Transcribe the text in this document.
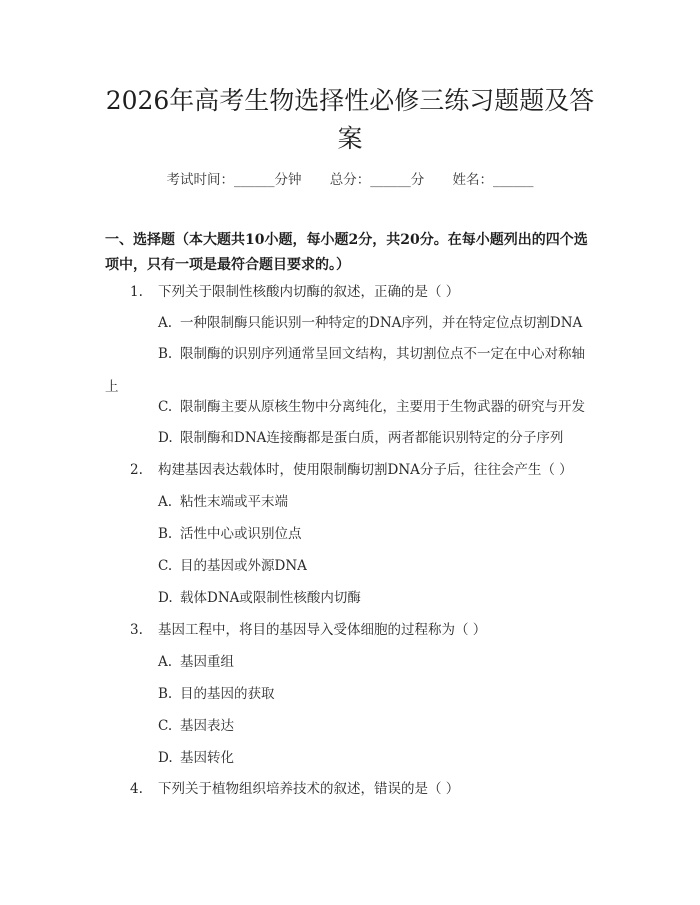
2026年高考生物选择性必修三练习题题及答案
考试时间：______分钟 总分：______分 姓名：______
一、选择题（本大题共10小题，每小题2分，共20分。在每小题列出的四个选项中，只有一项是最符合题目要求的。）
1. 下列关于限制性核酸内切酶的叙述，正确的是（ ）
A. 一种限制酶只能识别一种特定的DNA序列，并在特定位点切割DNA
B. 限制酶的识别序列通常呈回文结构，其切割位点不一定在中心对称轴上
C. 限制酶主要从原核生物中分离纯化，主要用于生物武器的研究与开发
D. 限制酶和DNA连接酶都是蛋白质，两者都能识别特定的分子序列
2. 构建基因表达载体时，使用限制酶切割DNA分子后，往往会产生（ ）
A. 粘性末端或平末端
B. 活性中心或识别位点
C. 目的基因或外源DNA
D. 载体DNA或限制性核酸内切酶
3. 基因工程中，将目的基因导入受体细胞的过程称为（ ）
A. 基因重组
B. 目的基因的获取
C. 基因表达
D. 基因转化
4. 下列关于植物组织培养技术的叙述，错误的是（ ）
